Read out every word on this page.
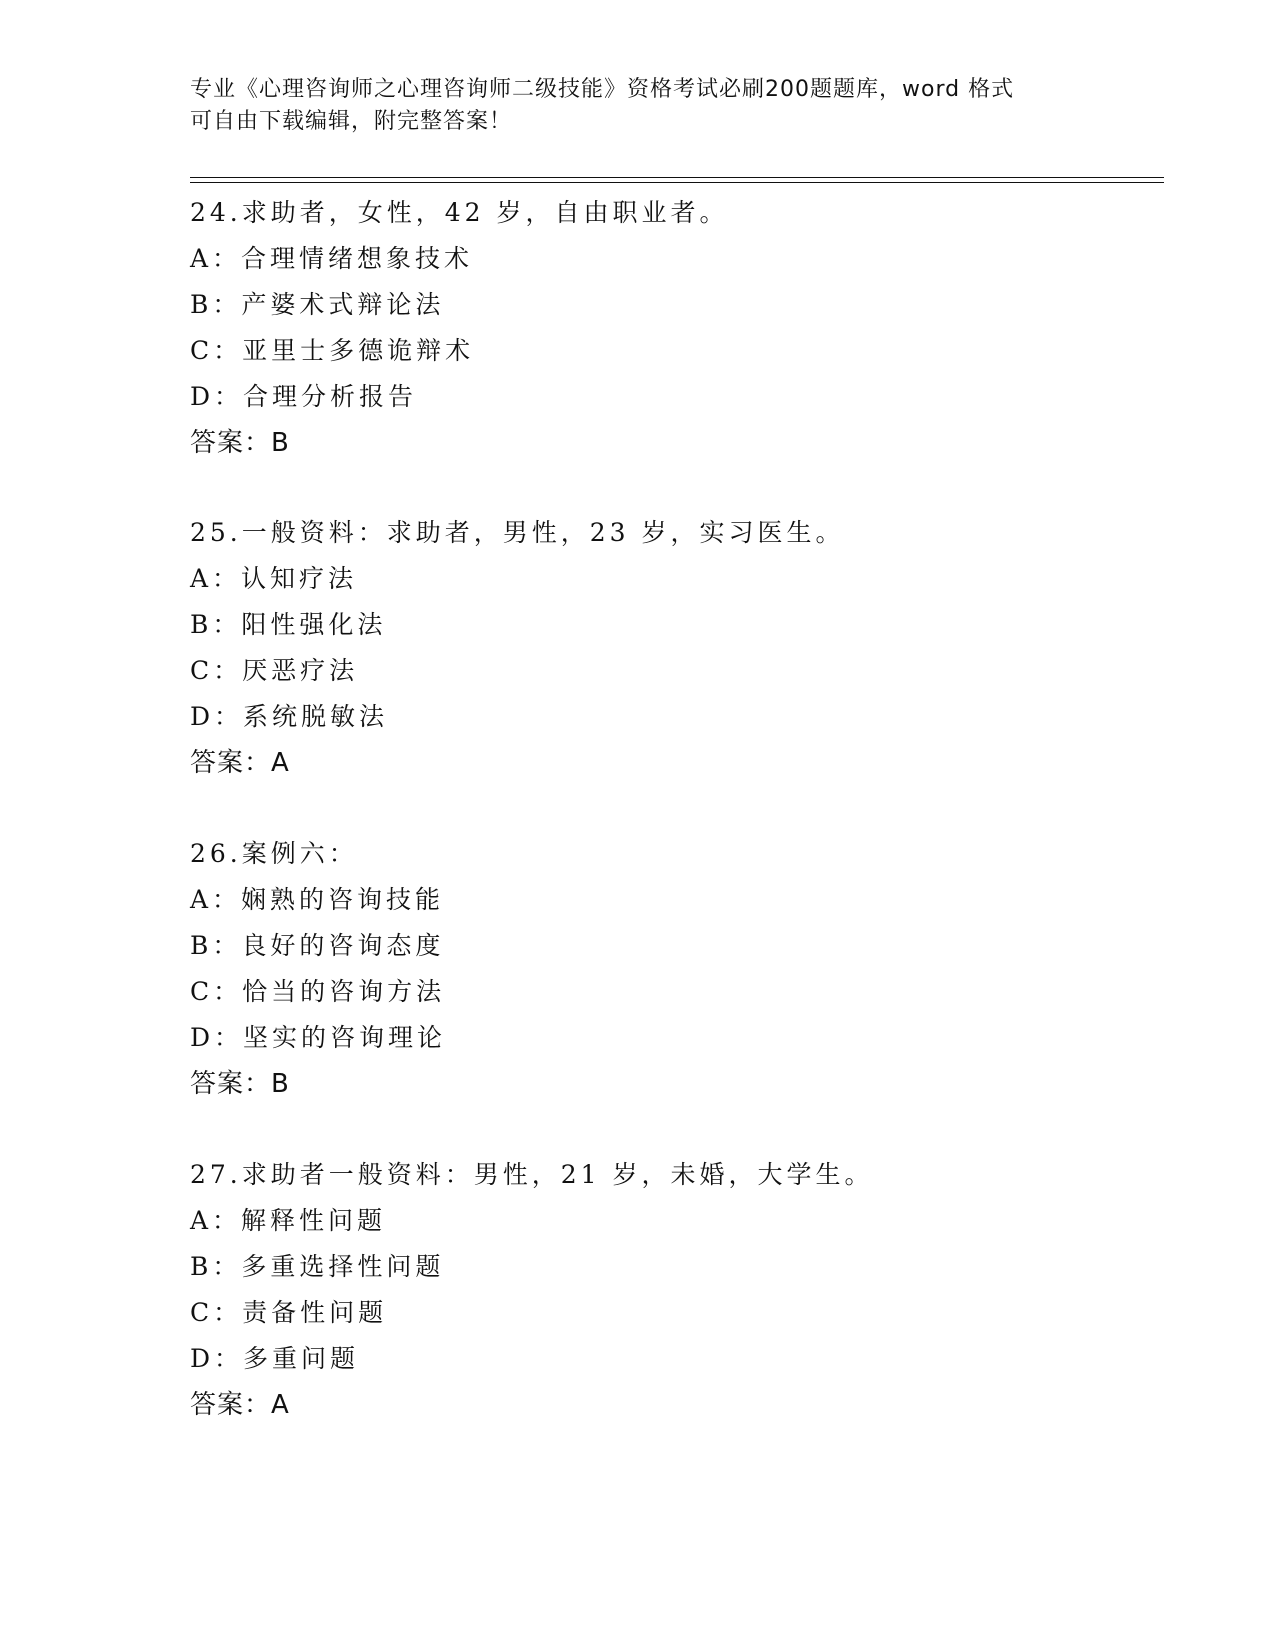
专业《心理咨询师之心理咨询师二级技能》资格考试必刷200题题库，word 格式
可自由下载编辑，附完整答案！
24.求助者，女性，42 岁，自由职业者。
A：合理情绪想象技术
B：产婆术式辩论法
C：亚里士多德诡辩术
D：合理分析报告
答案：B
25.一般资料：求助者，男性，23 岁，实习医生。
A：认知疗法
B：阳性强化法
C：厌恶疗法
D：系统脱敏法
答案：A
26.案例六：
A：娴熟的咨询技能
B：良好的咨询态度
C：恰当的咨询方法
D：坚实的咨询理论
答案：B
27.求助者一般资料：男性，21 岁，未婚，大学生。
A：解释性问题
B：多重选择性问题
C：责备性问题
D：多重问题
答案：A
